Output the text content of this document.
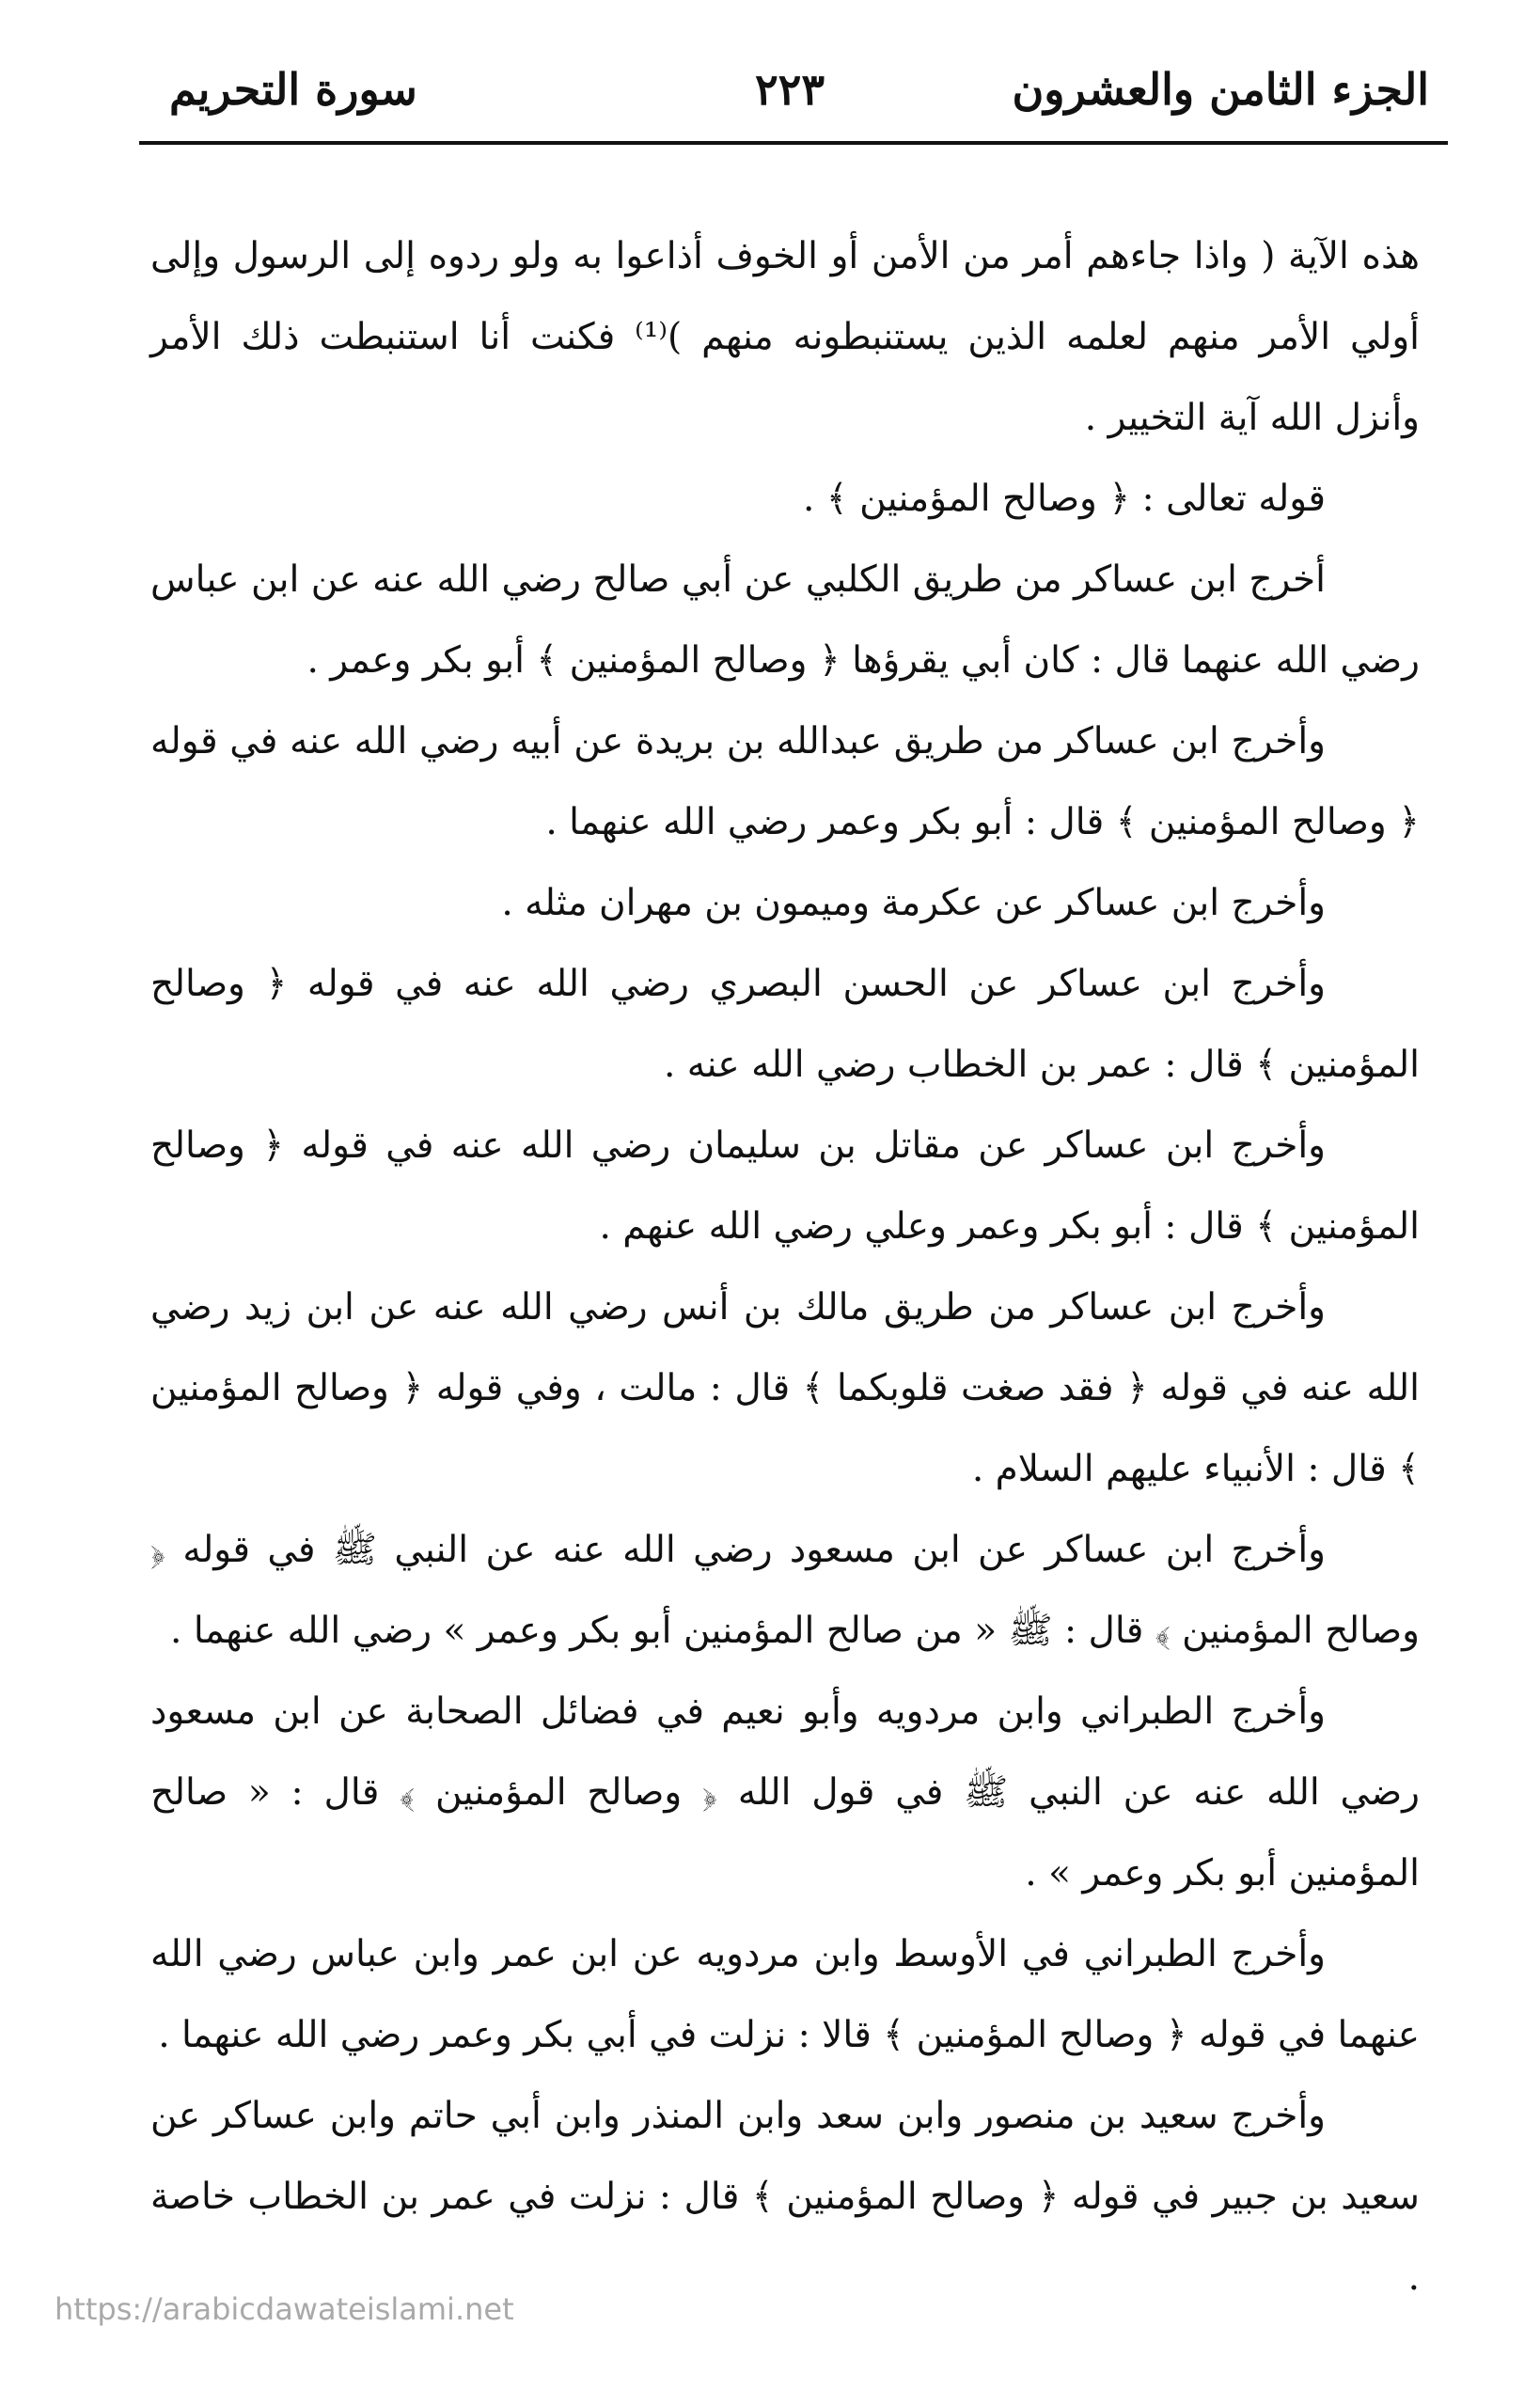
الجزء الثامن والعشرون
٢٢٣
سورة التحريم

هذه الآية ( واذا جاءهم أمر من الأمن أو الخوف أذاعوا به ولو ردوه إلى الرسول وإلى أولي الأمر منهم لعلمه الذين يستنبطونه منهم )⁽¹⁾ فكنت أنا استنبطت ذلك الأمر وأنزل الله آية التخيير .

قوله تعالى : ﴿ وصالح المؤمنين ﴾ .

أخرج ابن عساكر من طريق الكلبي عن أبي صالح رضي الله عنه عن ابن عباس رضي الله عنهما قال : كان أبي يقرؤها ﴿ وصالح المؤمنين ﴾ أبو بكر وعمر .

وأخرج ابن عساكر من طريق عبدالله بن بريدة عن أبيه رضي الله عنه في قوله ﴿ وصالح المؤمنين ﴾ قال : أبو بكر وعمر رضي الله عنهما .

وأخرج ابن عساكر عن عكرمة وميمون بن مهران مثله .

وأخرج ابن عساكر عن الحسن البصري رضي الله عنه في قوله ﴿ وصالح المؤمنين ﴾ قال : عمر بن الخطاب رضي الله عنه .

وأخرج ابن عساكر عن مقاتل بن سليمان رضي الله عنه في قوله ﴿ وصالح المؤمنين ﴾ قال : أبو بكر وعمر وعلي رضي الله عنهم .

وأخرج ابن عساكر من طريق مالك بن أنس رضي الله عنه عن ابن زيد رضي الله عنه في قوله ﴿ فقد صغت قلوبكما ﴾ قال : مالت ، وفي قوله ﴿ وصالح المؤمنين ﴾ قال : الأنبياء عليهم السلام .

وأخرج ابن عساكر عن ابن مسعود رضي الله عنه عن النبي ﷺ في قوله ﴿ وصالح المؤمنين ﴾ قال : ﷺ « من صالح المؤمنين أبو بكر وعمر » رضي الله عنهما .

وأخرج الطبراني وابن مردويه وأبو نعيم في فضائل الصحابة عن ابن مسعود رضي الله عنه عن النبي ﷺ في قول الله ﴿ وصالح المؤمنين ﴾ قال : « صالح المؤمنين أبو بكر وعمر » .

وأخرج الطبراني في الأوسط وابن مردويه عن ابن عمر وابن عباس رضي الله عنهما في قوله ﴿ وصالح المؤمنين ﴾ قالا : نزلت في أبي بكر وعمر رضي الله عنهما .

وأخرج سعيد بن منصور وابن سعد وابن المنذر وابن أبي حاتم وابن عساكر عن سعيد بن جبير في قوله ﴿ وصالح المؤمنين ﴾ قال : نزلت في عمر بن الخطاب خاصة .

https://arabicdawateislami.net
